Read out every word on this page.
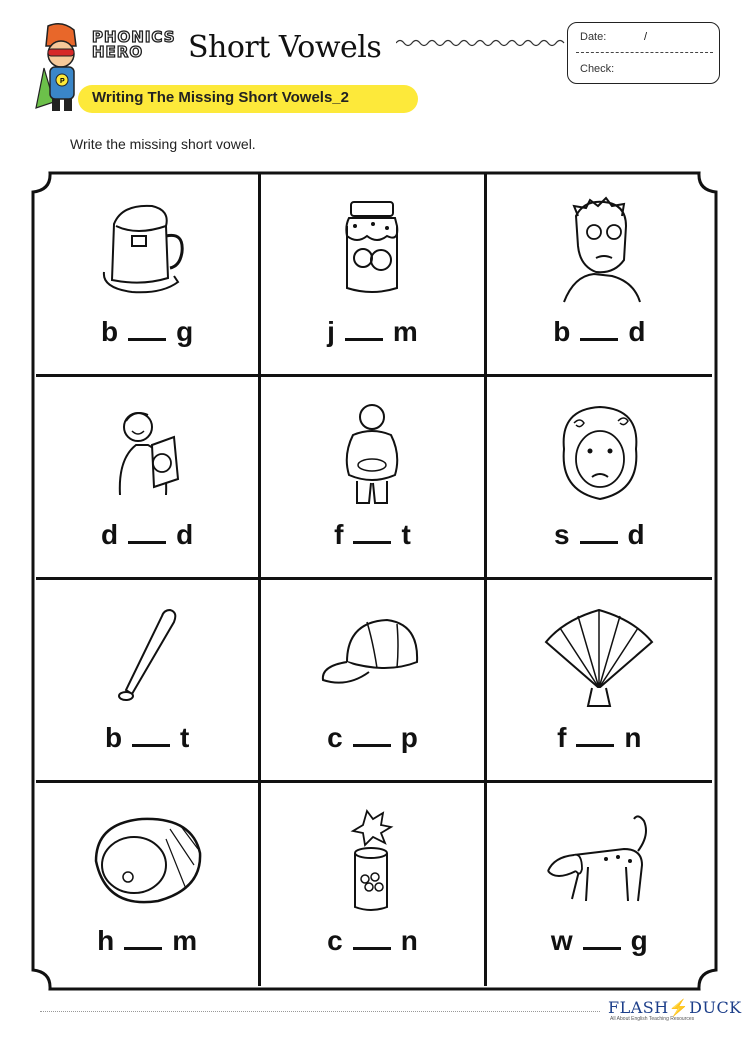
P
PHONICS
HERO	Short Vowels	Date:	/
Check:
Writing The Missing Short Vowels_2
Write the missing short vowel.
b g	j m	b d
d d	f t	s d
b t	c p	f n
h m	c n	w g
FLASH⚡DUCK
All About English Teaching Resources
